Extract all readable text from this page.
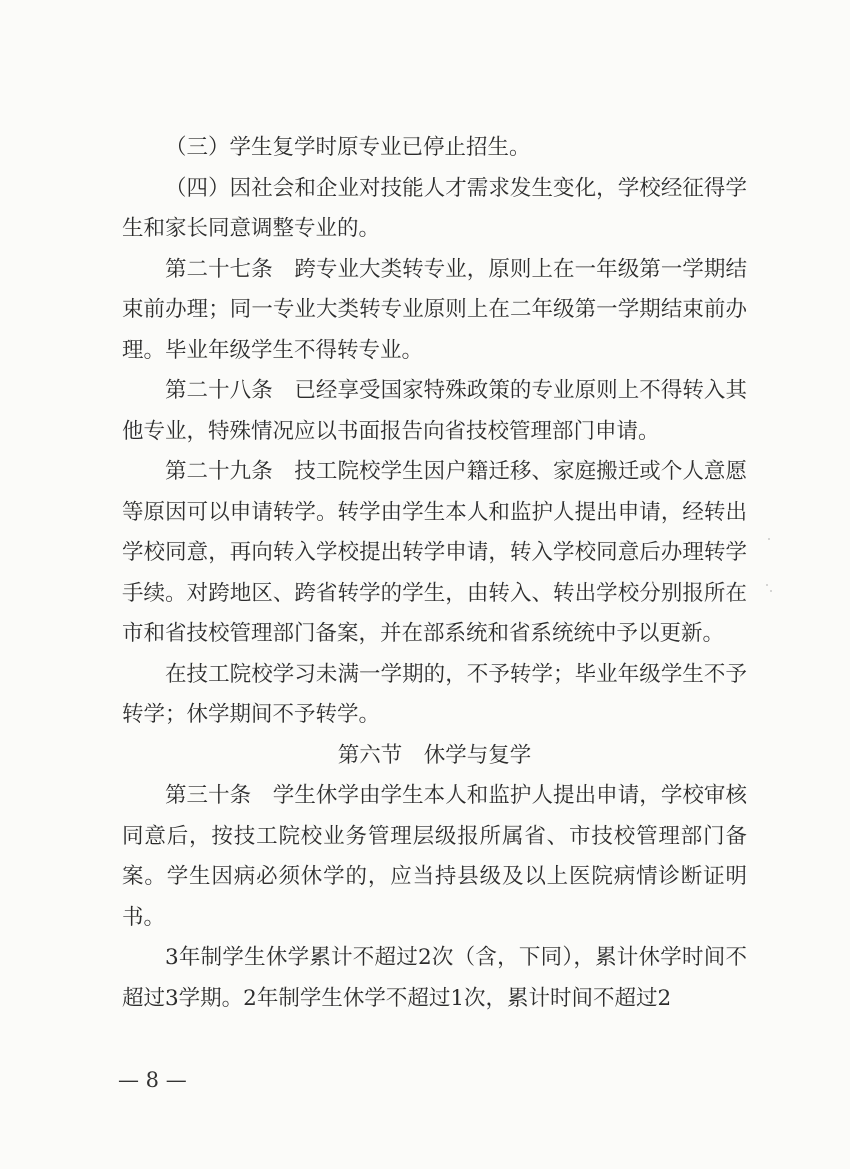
（三）学生复学时原专业已停止招生。

（四）因社会和企业对技能人才需求发生变化，学校经征得学生和家长同意调整专业的。

第二十七条　跨专业大类转专业，原则上在一年级第一学期结束前办理；同一专业大类转专业原则上在二年级第一学期结束前办理。毕业年级学生不得转专业。

第二十八条　已经享受国家特殊政策的专业原则上不得转入其他专业，特殊情况应以书面报告向省技校管理部门申请。

第二十九条　技工院校学生因户籍迁移、家庭搬迁或个人意愿等原因可以申请转学。转学由学生本人和监护人提出申请，经转出学校同意，再向转入学校提出转学申请，转入学校同意后办理转学手续。对跨地区、跨省转学的学生，由转入、转出学校分别报所在市和省技校管理部门备案，并在部系统和省系统统中予以更新。

在技工院校学习未满一学期的，不予转学；毕业年级学生不予转学；休学期间不予转学。

第六节　休学与复学

第三十条　学生休学由学生本人和监护人提出申请，学校审核同意后，按技工院校业务管理层级报所属省、市技校管理部门备案。学生因病必须休学的，应当持县级及以上医院病情诊断证明书。

3年制学生休学累计不超过2次（含，下同），累计休学时间不超过3学期。2年制学生休学不超过1次，累计时间不超过2

— 8 —
